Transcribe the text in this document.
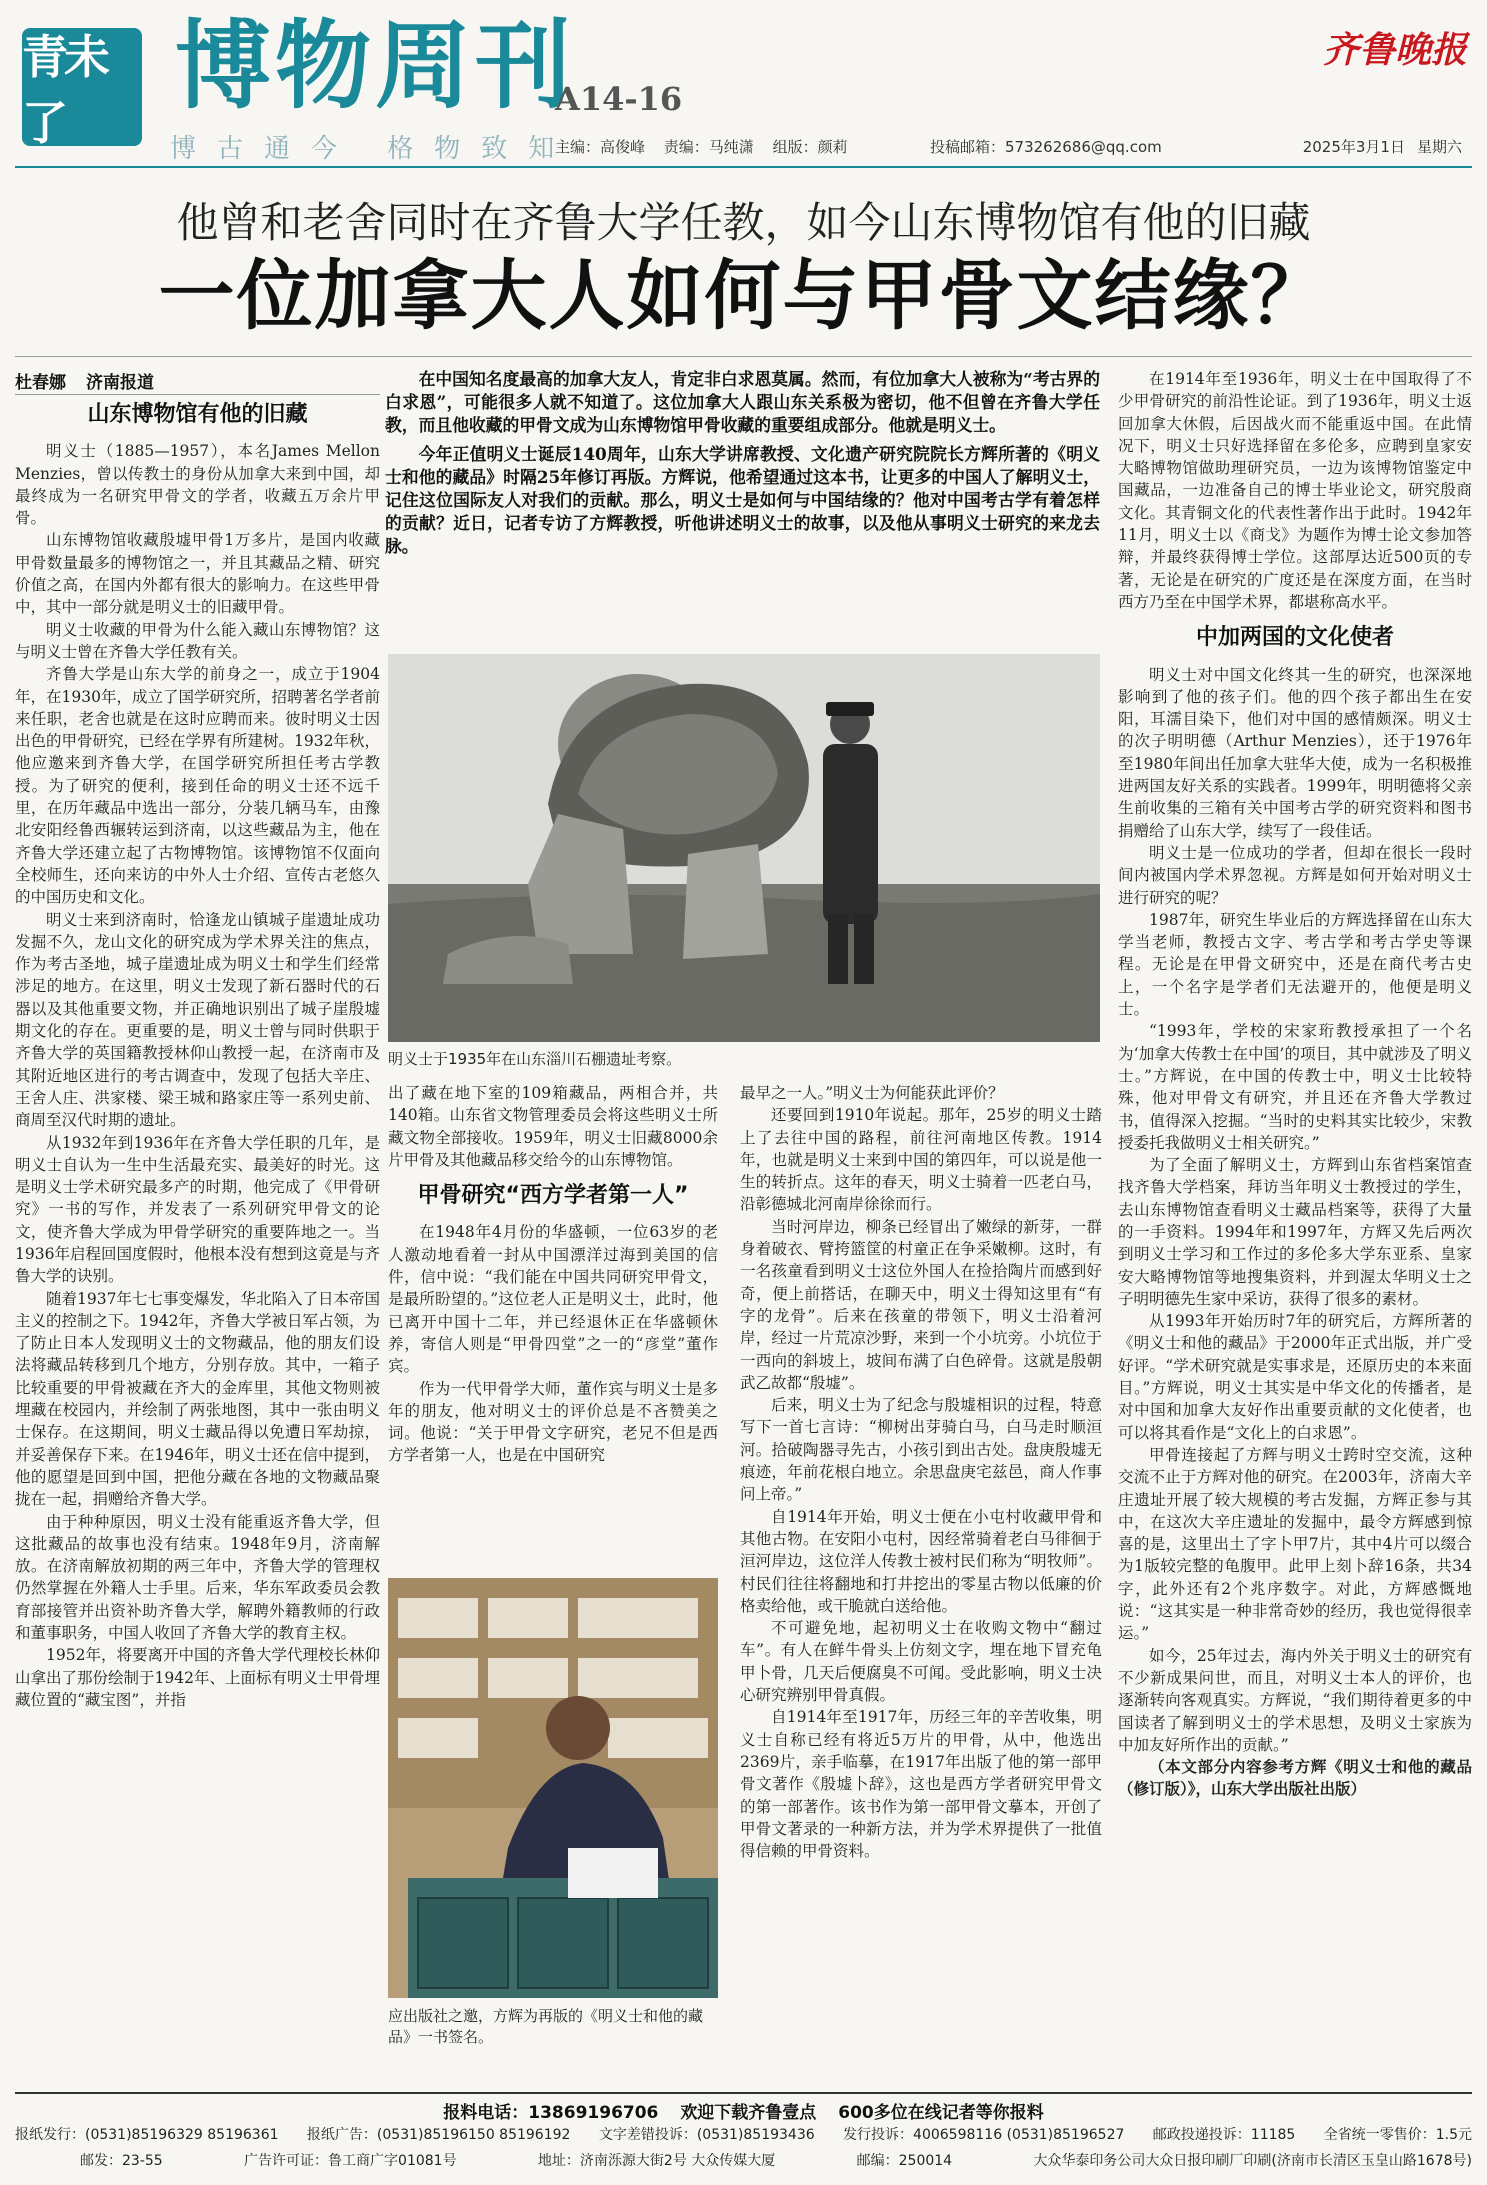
青未了
博物周刊
A14-16
齐鲁晚报
博古通今 格物致知
主编：高俊峰 责编：马纯潇 组版：颜莉	投稿邮箱：573262686@qq.com	2025年3月1日 星期六
他曾和老舍同时在齐鲁大学任教，如今山东博物馆有他的旧藏
一位加拿大人如何与甲骨文结缘？
杜春娜 济南报道	在中国知名度最高的加拿大友人，肯定非白求恩莫属。然而，有位加拿大人被称为“考古界的白求恩”，可能很多人就不知道了。这位加拿大人跟山东关系极为密切，他不但曾在齐鲁大学任教，而且他收藏的甲骨文成为山东博物馆甲骨收藏的重要组成部分。他就是明义士。

今年正值明义士诞辰140周年，山东大学讲席教授、文化遗产研究院院长方辉所著的《明义士和他的藏品》时隔25年修订再版。方辉说，他希望通过这本书，让更多的中国人了解明义士，记住这位国际友人对我们的贡献。那么，明义士是如何与中国结缘的？他对中国考古学有着怎样的贡献？近日，记者专访了方辉教授，听他讲述明义士的故事，以及他从事明义士研究的来龙去脉。

山东博物馆有他的旧藏

明义士（1885—1957），本名James Mellon Menzies，曾以传教士的身份从加拿大来到中国，却最终成为一名研究甲骨文的学者，收藏五万余片甲骨。

山东博物馆收藏殷墟甲骨1万多片，是国内收藏甲骨数量最多的博物馆之一，并且其藏品之精、研究价值之高，在国内外都有很大的影响力。在这些甲骨中，其中一部分就是明义士的旧藏甲骨。

明义士收藏的甲骨为什么能入藏山东博物馆？这与明义士曾在齐鲁大学任教有关。

齐鲁大学是山东大学的前身之一，成立于1904年，在1930年，成立了国学研究所，招聘著名学者前来任职，老舍也就是在这时应聘而来。彼时明义士因出色的甲骨研究，已经在学界有所建树。1932年秋，他应邀来到齐鲁大学，在国学研究所担任考古学教授。为了研究的便利，接到任命的明义士还不远千里，在历年藏品中选出一部分，分装几辆马车，由豫北安阳经鲁西辗转运到济南，以这些藏品为主，他在齐鲁大学还建立起了古物博物馆。该博物馆不仅面向全校师生，还向来访的中外人士介绍、宣传古老悠久的中国历史和文化。

明义士来到济南时，恰逢龙山镇城子崖遗址成功发掘不久，龙山文化的研究成为学术界关注的焦点，作为考古圣地，城子崖遗址成为明义士和学生们经常涉足的地方。在这里，明义士发现了新石器时代的石器以及其他重要文物，并正确地识别出了城子崖殷墟期文化的存在。更重要的是，明义士曾与同时供职于齐鲁大学的英国籍教授林仰山教授一起，在济南市及其附近地区进行的考古调查中，发现了包括大辛庄、王舍人庄、洪家楼、梁王城和路家庄等一系列史前、商周至汉代时期的遗址。

从1932年到1936年在齐鲁大学任职的几年，是明义士自认为一生中生活最充实、最美好的时光。这是明义士学术研究最多产的时期，他完成了《甲骨研究》一书的写作，并发表了一系列研究甲骨文的论文，使齐鲁大学成为甲骨学研究的重要阵地之一。当1936年启程回国度假时，他根本没有想到这竟是与齐鲁大学的诀别。

随着1937年七七事变爆发，华北陷入了日本帝国主义的控制之下。1942年，齐鲁大学被日军占领，为了防止日本人发现明义士的文物藏品，他的朋友们设法将藏品转移到几个地方，分别存放。其中，一箱子比较重要的甲骨被藏在齐大的金库里，其他文物则被埋藏在校园内，并绘制了两张地图，其中一张由明义士保存。在这期间，明义士藏品得以免遭日军劫掠，并妥善保存下来。在1946年，明义士还在信中提到，他的愿望是回到中国，把他分藏在各地的文物藏品聚拢在一起，捐赠给齐鲁大学。

由于种种原因，明义士没有能重返齐鲁大学，但这批藏品的故事也没有结束。1948年9月，济南解放。在济南解放初期的两三年中，齐鲁大学的管理权仍然掌握在外籍人士手里。后来，华东军政委员会教育部接管并出资补助齐鲁大学，解聘外籍教师的行政和董事职务，中国人收回了齐鲁大学的教育主权。

1952年，将要离开中国的齐鲁大学代理校长林仰山拿出了那份绘制于1942年、上面标有明义士甲骨埋藏位置的“藏宝图”，并指

明义士于1935年在山东淄川石棚遗址考察。

出了藏在地下室的109箱藏品，两相合并，共140箱。山东省文物管理委员会将这些明义士所藏文物全部接收。1959年，明义士旧藏8000余片甲骨及其他藏品移交给今的山东博物馆。

甲骨研究“西方学者第一人”

在1948年4月份的华盛顿，一位63岁的老人激动地看着一封从中国漂洋过海到美国的信件，信中说：“我们能在中国共同研究甲骨文，是最所盼望的。”这位老人正是明义士，此时，他已离开中国十二年，并已经退休正在华盛顿休养，寄信人则是“甲骨四堂”之一的“彦堂”董作宾。

作为一代甲骨学大师，董作宾与明义士是多年的朋友，他对明义士的评价总是不吝赞美之词。他说：“关于甲骨文字研究，老兄不但是西方学者第一人，也是在中国研究

应出版社之邀，方辉为再版的《明义士和他的藏品》一书签名。

最早之一人。”明义士为何能获此评价？

还要回到1910年说起。那年，25岁的明义士踏上了去往中国的路程，前往河南地区传教。1914年，也就是明义士来到中国的第四年，可以说是他一生的转折点。这年的春天，明义士骑着一匹老白马，沿彰德城北河南岸徐徐而行。

当时河岸边，柳条已经冒出了嫩绿的新芽，一群身着破衣、臂挎篮筐的村童正在争采嫩柳。这时，有一名孩童看到明义士这位外国人在捡拾陶片而感到好奇，便上前搭话，在聊天中，明义士得知这里有“有字的龙骨”。后来在孩童的带领下，明义士沿着河岸，经过一片荒凉沙野，来到一个小坑旁。小坑位于一西向的斜坡上，坡间布满了白色碎骨。这就是殷朝武乙故都“殷墟”。

后来，明义士为了纪念与殷墟相识的过程，特意写下一首七言诗：“柳树出芽骑白马，白马走时顺洹河。拾破陶器寻先古，小孩引到出古处。盘庚殷墟无痕迹，年前花根白地立。余思盘庚宅兹邑，商人作事问上帝。”

自1914年开始，明义士便在小屯村收藏甲骨和其他古物。在安阳小屯村，因经常骑着老白马徘徊于洹河岸边，这位洋人传教士被村民们称为“明牧师”。村民们往往将翻地和打井挖出的零星古物以低廉的价格卖给他，或干脆就白送给他。

不可避免地，起初明义士在收购文物中“翻过车”。有人在鲜牛骨头上仿刻文字，埋在地下冒充龟甲卜骨，几天后便腐臭不可闻。受此影响，明义士决心研究辨别甲骨真假。

自1914年至1917年，历经三年的辛苦收集，明义士自称已经有将近5万片的甲骨，从中，他选出2369片，亲手临摹，在1917年出版了他的第一部甲骨文著作《殷墟卜辞》，这也是西方学者研究甲骨文的第一部著作。该书作为第一部甲骨文摹本，开创了甲骨文著录的一种新方法，并为学术界提供了一批值得信赖的甲骨资料。

在1914年至1936年，明义士在中国取得了不少甲骨研究的前沿性论证。到了1936年，明义士返回加拿大休假，后因战火而不能重返中国。在此情况下，明义士只好选择留在多伦多，应聘到皇家安大略博物馆做助理研究员，一边为该博物馆鉴定中国藏品，一边准备自己的博士毕业论文，研究殷商文化。其青铜文化的代表性著作出于此时。1942年11月，明义士以《商戈》为题作为博士论文参加答辩，并最终获得博士学位。这部厚达近500页的专著，无论是在研究的广度还是在深度方面，在当时西方乃至在中国学术界，都堪称高水平。

中加两国的文化使者

明义士对中国文化终其一生的研究，也深深地影响到了他的孩子们。他的四个孩子都出生在安阳，耳濡目染下，他们对中国的感情颇深。明义士的次子明明德（Arthur Menzies），还于1976年至1980年间出任加拿大驻华大使，成为一名积极推进两国友好关系的实践者。1999年，明明德将父亲生前收集的三箱有关中国考古学的研究资料和图书捐赠给了山东大学，续写了一段佳话。

明义士是一位成功的学者，但却在很长一段时间内被国内学术界忽视。方辉是如何开始对明义士进行研究的呢？

1987年，研究生毕业后的方辉选择留在山东大学当老师，教授古文字、考古学和考古学史等课程。无论是在甲骨文研究中，还是在商代考古史上，一个名字是学者们无法避开的，他便是明义士。

“1993年，学校的宋家珩教授承担了一个名为‘加拿大传教士在中国’的项目，其中就涉及了明义士。”方辉说，在中国的传教士中，明义士比较特殊，他对甲骨文有研究，并且还在齐鲁大学教过书，值得深入挖掘。“当时的史料其实比较少，宋教授委托我做明义士相关研究。”

为了全面了解明义士，方辉到山东省档案馆查找齐鲁大学档案，拜访当年明义士教授过的学生，去山东博物馆查看明义士藏品档案等，获得了大量的一手资料。1994年和1997年，方辉又先后两次到明义士学习和工作过的多伦多大学东亚系、皇家安大略博物馆等地搜集资料，并到渥太华明义士之子明明德先生家中采访，获得了很多的素材。

从1993年开始历时7年的研究后，方辉所著的《明义士和他的藏品》于2000年正式出版，并广受好评。“学术研究就是实事求是，还原历史的本来面目。”方辉说，明义士其实是中华文化的传播者，是对中国和加拿大友好作出重要贡献的文化使者，也可以将其看作是“文化上的白求恩”。

甲骨连接起了方辉与明义士跨时空交流，这种交流不止于方辉对他的研究。在2003年，济南大辛庄遗址开展了较大规模的考古发掘，方辉正参与其中，在这次大辛庄遗址的发掘中，最令方辉感到惊喜的是，这里出土了字卜甲7片，其中4片可以缀合为1版较完整的龟腹甲。此甲上刻卜辞16条，共34字，此外还有2个兆序数字。对此，方辉感慨地说：“这其实是一种非常奇妙的经历，我也觉得很幸运。”

如今，25年过去，海内外关于明义士的研究有不少新成果问世，而且，对明义士本人的评价，也逐渐转向客观真实。方辉说，“我们期待着更多的中国读者了解到明义士的学术思想，及明义士家族为中加友好所作出的贡献。”

（本文部分内容参考方辉《明义士和他的藏品（修订版）》，山东大学出版社出版）

报料电话：13869196706 欢迎下载齐鲁壹点 600多位在线记者等你报料
报纸发行：(0531)85196329 85196361 报纸广告：(0531)85196150 85196192 文字差错投诉：(0531)85193436 发行投诉：4006598116 (0531)85196527 邮政投递投诉：11185 全省统一零售价：1.5元
邮发：23-55	广告许可证：鲁工商广字01081号	地址：济南泺源大街2号 大众传媒大厦	邮编：250014	大众华泰印务公司大众日报印刷厂印刷(济南市长清区玉皇山路1678号)
